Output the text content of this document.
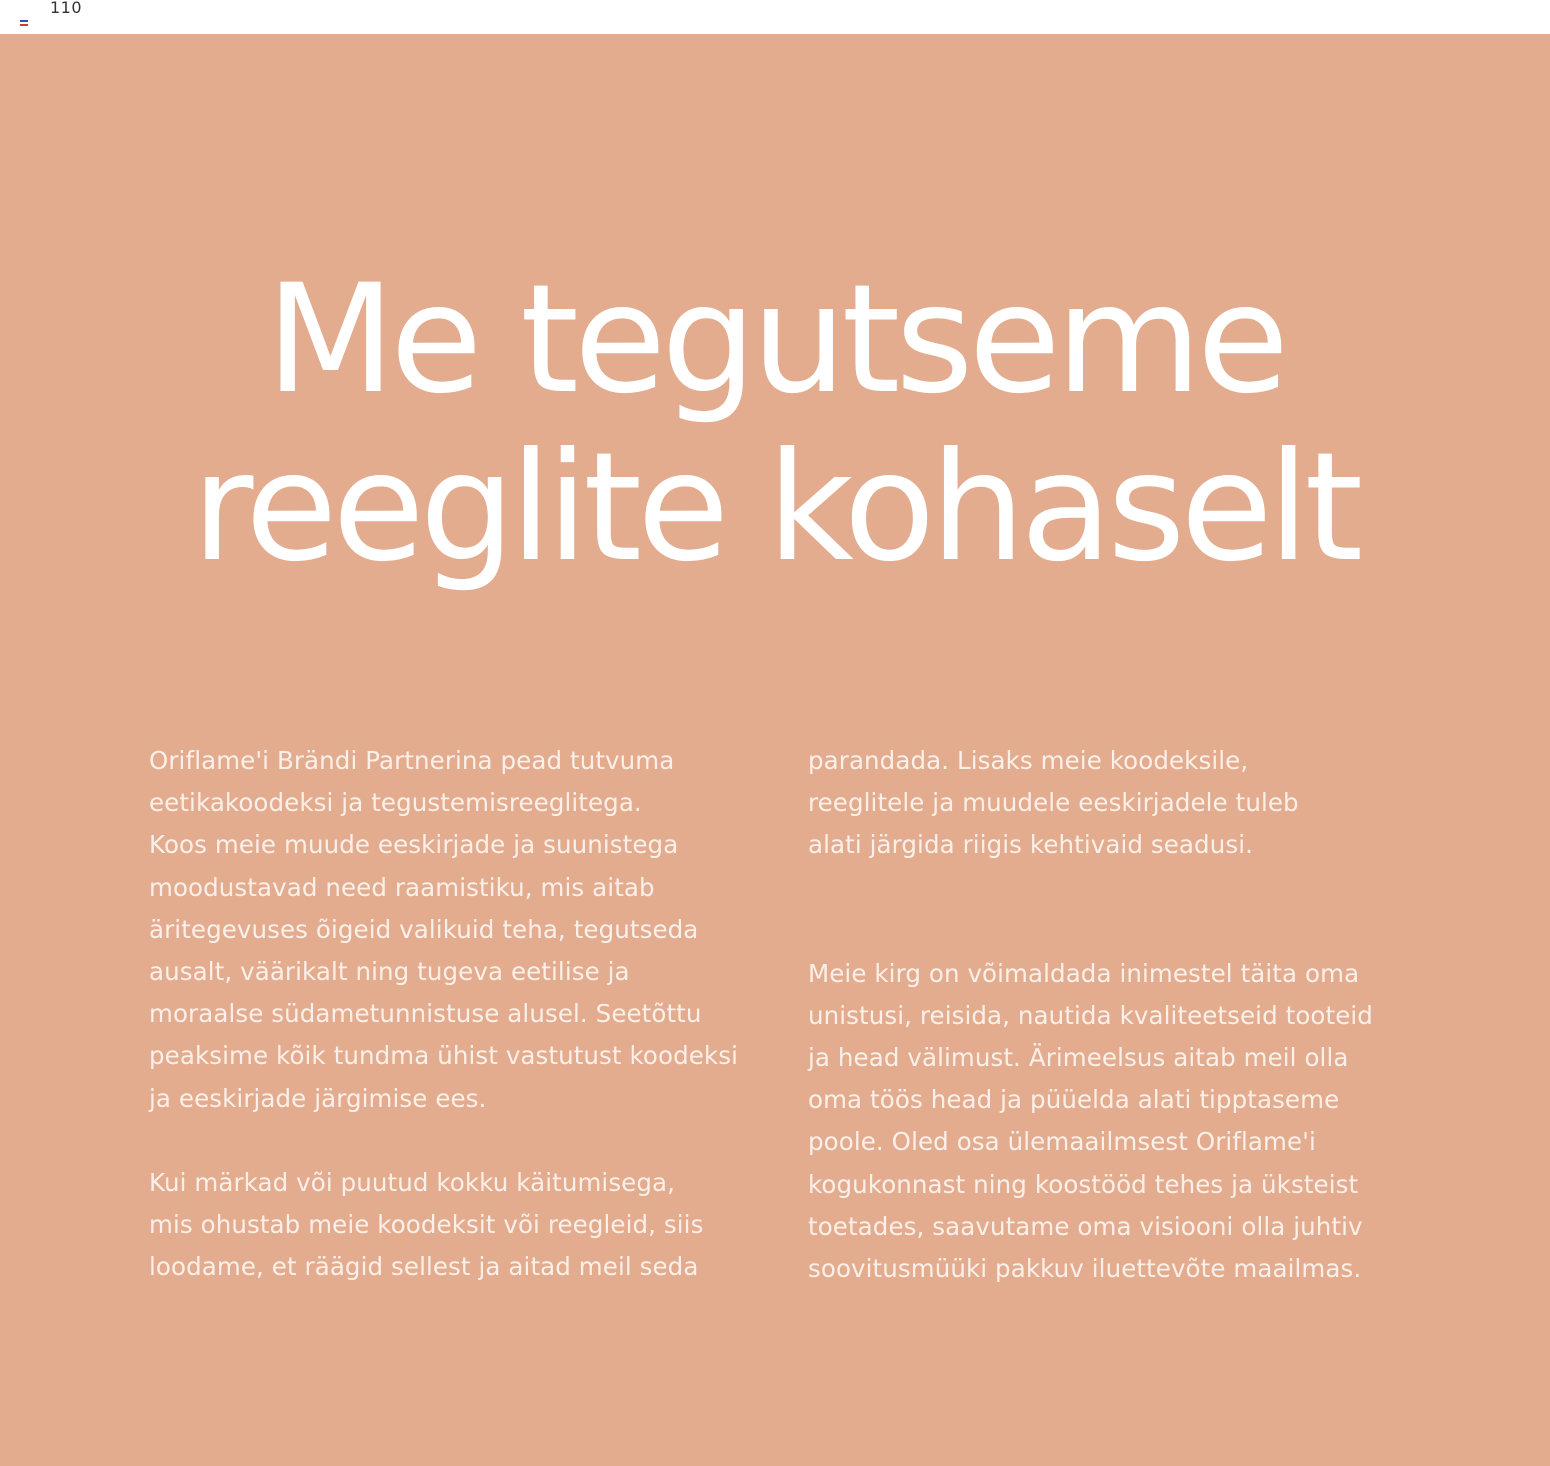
110
Me tegutseme
reeglite kohaselt

Oriflame'i Brändi Partnerina pead tutvuma
eetikakoodeksi ja tegustemisreeglitega.
Koos meie muude eeskirjade ja suunistega
moodustavad need raamistiku, mis aitab
äritegevuses õigeid valikuid teha, tegutseda
ausalt, väärikalt ning tugeva eetilise ja
moraalse südametunnistuse alusel. Seetõttu
peaksime kõik tundma ühist vastutust koodeksi
ja eeskirjade järgimise ees.

Kui märkad või puutud kokku käitumisega,
mis ohustab meie koodeksit või reegleid, siis
loodame, et räägid sellest ja aitad meil seda

parandada. Lisaks meie koodeksile,
reeglitele ja muudele eeskirjadele tuleb
alati järgida riigis kehtivaid seadusi.

Meie kirg on võimaldada inimestel täita oma
unistusi, reisida, nautida kvaliteetseid tooteid
ja head välimust. Ärimeelsus aitab meil olla
oma töös head ja püüelda alati tipptaseme
poole. Oled osa ülemaailmsest Oriflame'i
kogukonnast ning koostööd tehes ja üksteist
toetades, saavutame oma visiooni olla juhtiv
soovitusmüüki pakkuv iluettevõte maailmas.
